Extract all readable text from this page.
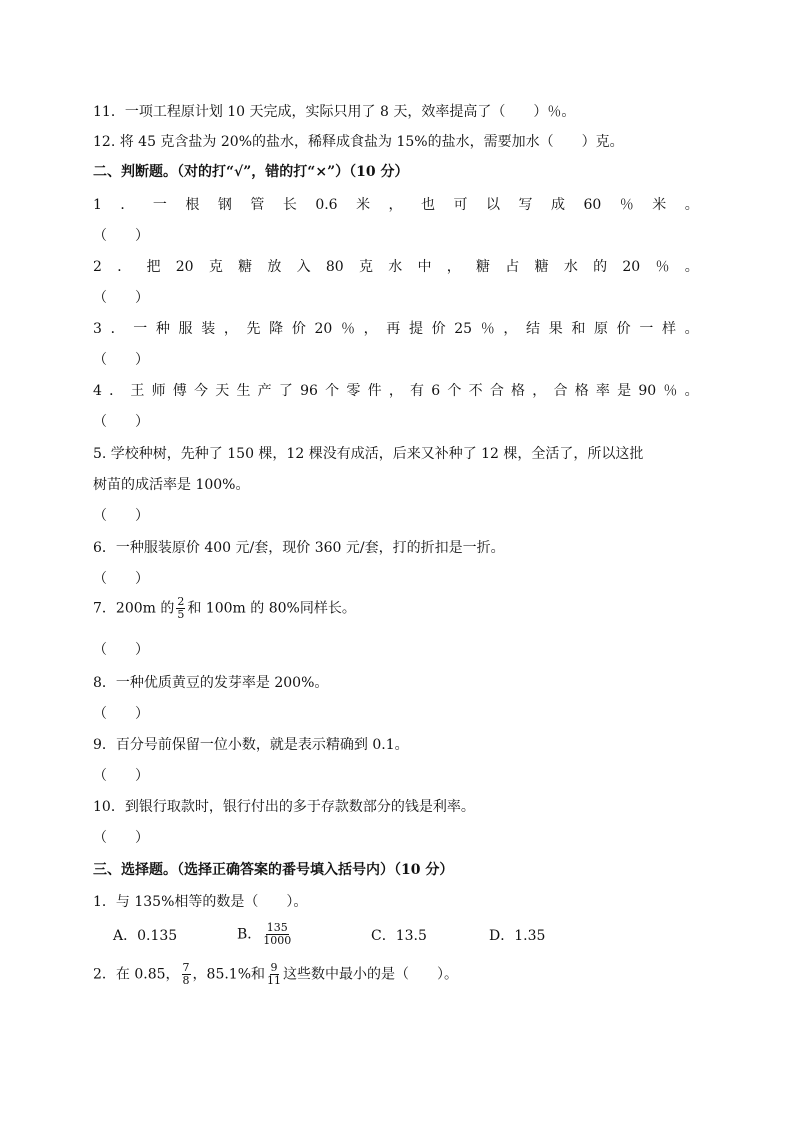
11．一项工程原计划 10 天完成，实际只用了 8 天，效率提高了（　　）％。
12. 将 45 克含盐为 20%的盐水，稀释成食盐为 15%的盐水，需要加水（　　）克。
二、判断题。（对的打“√”，错的打“×”）（10 分）
1 ． 一 根 钢 管 长 0.6 米 ， 也 可 以 写 成 60 ％ 米 。
（　　）
2 ． 把 20 克 糖 放 入 80 克 水 中 ， 糖 占 糖 水 的 20 ％ 。
（　　）
3 ． 一 种 服 装 ， 先 降 价 20 ％ ， 再 提 价 25 ％ ， 结 果 和 原 价 一 样 。
（　　）
4 ． 王 师 傅 今 天 生 产 了 96 个 零 件 ， 有 6 个 不 合 格 ， 合 格 率 是 90 ％ 。
（　　）
5. 学校种树，先种了 150 棵，12 棵没有成活，后来又补种了 12 棵，全活了，所以这批
树苗的成活率是 100%。
（　　）
6．一种服装原价 400 元/套，现价 360 元/套，打的折扣是一折。
（　　）
7．200m 的 $\frac{2}{5}$ 和 100m 的 80%同样长。
（　　）
8．一种优质黄豆的发芽率是 200%。
（　　）
9．百分号前保留一位小数，就是表示精确到 0.1。
（　　）
10．到银行取款时，银行付出的多于存款数部分的钱是利率。
（　　）
三、选择题。（选择正确答案的番号填入括号内）（10 分）
1．与 135%相等的数是（　　）。
A．0.135	B． $\frac{135}{1000}$	C．13.5	D．1.35
2．在 0.85， $\frac{7}{8}$ ，85.1%和 $\frac{9}{11}$ 这些数中最小的是（　　）。
